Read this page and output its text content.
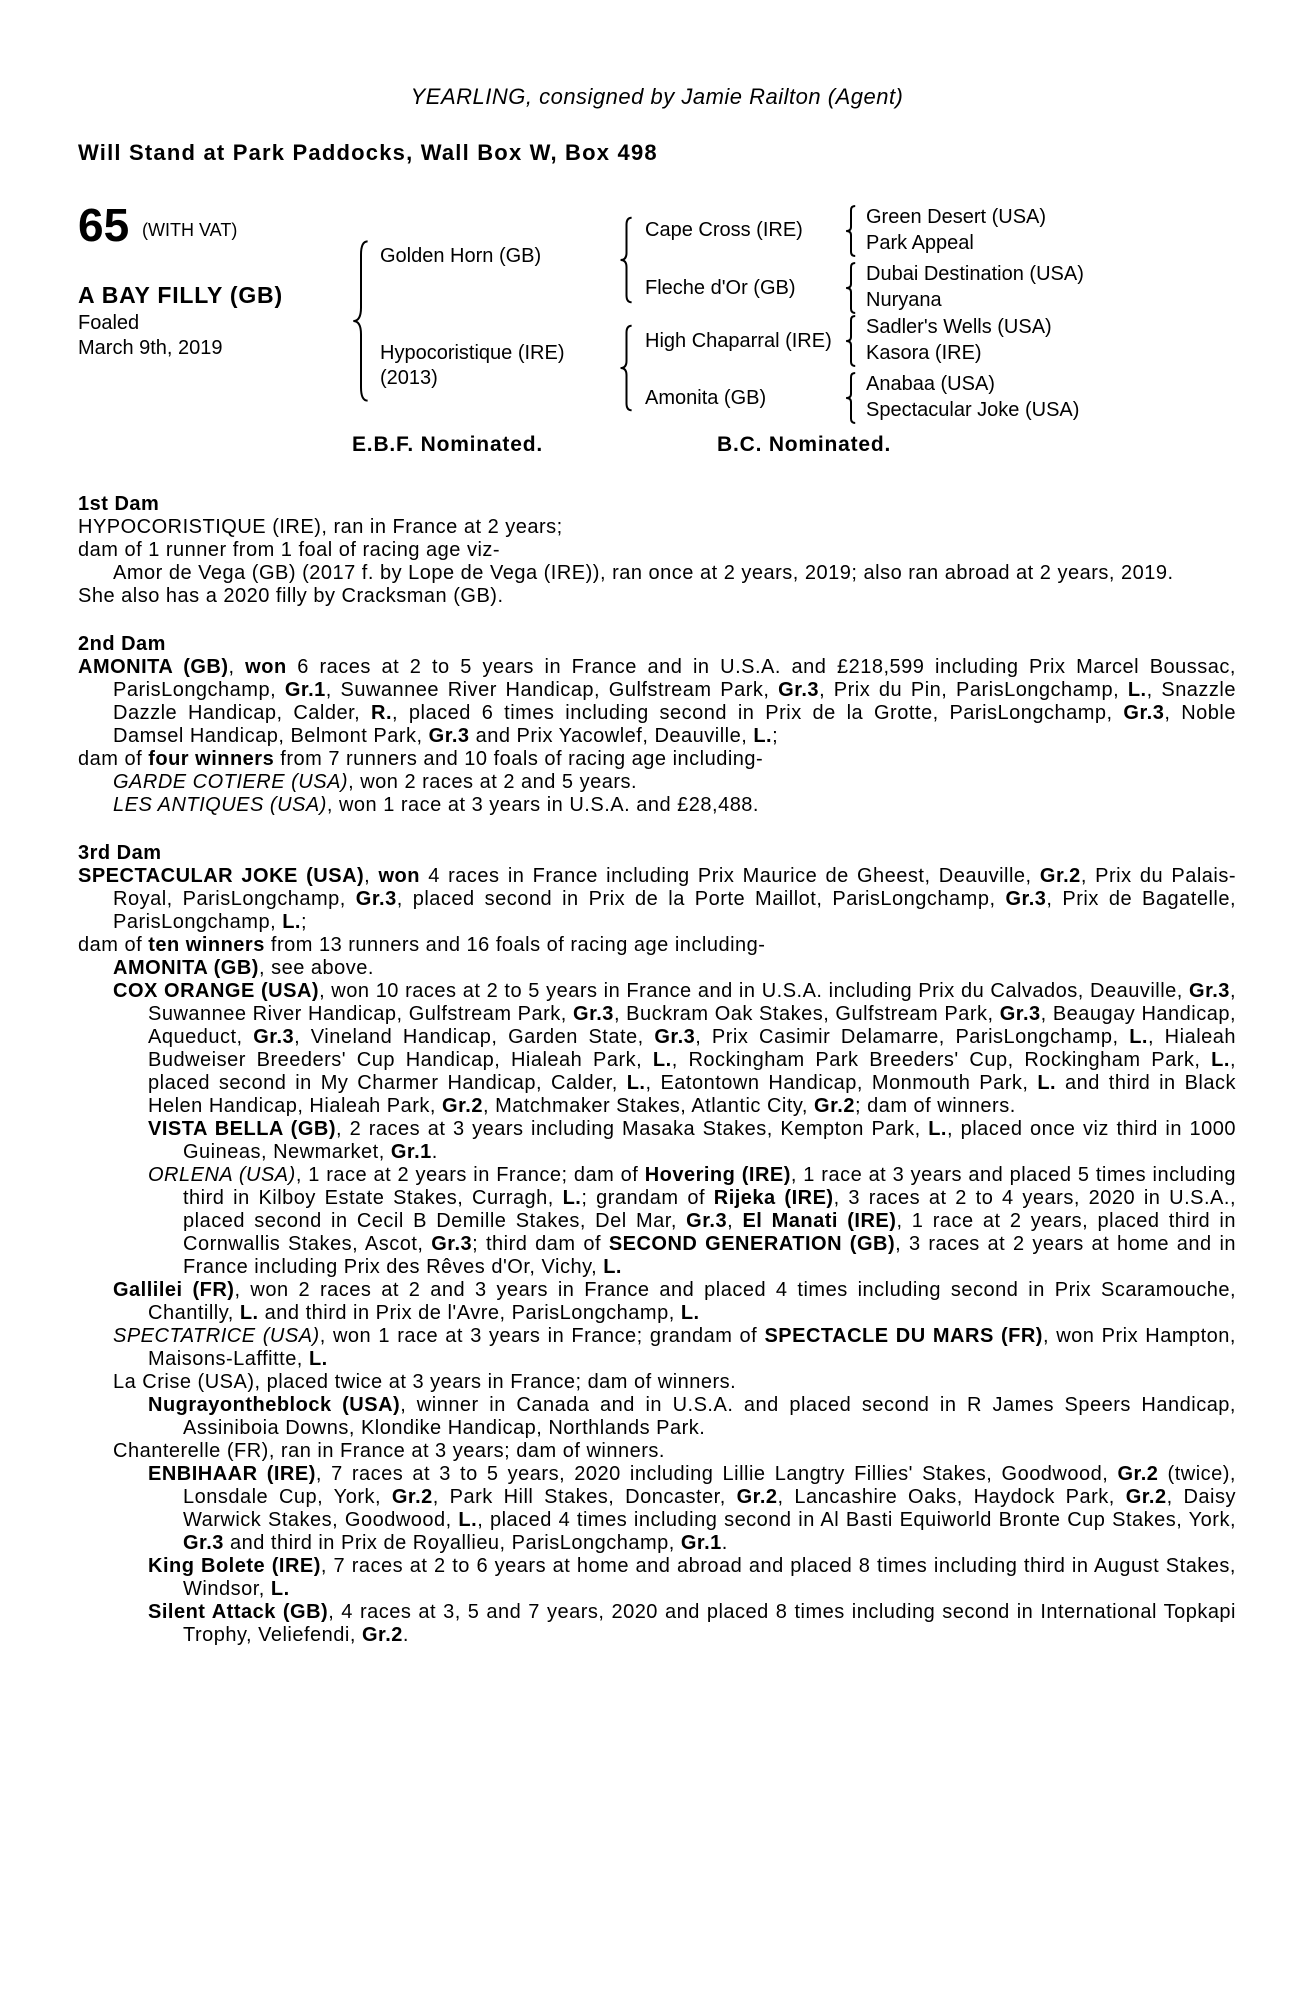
YEARLING, consigned by Jamie Railton (Agent)
Will Stand at Park Paddocks, Wall Box W, Box 498
65 (WITH VAT)
A BAY FILLY (GB)
Foaled
March 9th, 2019
Golden Horn (GB)
Hypocoristique (IRE)
(2013)
Cape Cross (IRE)
Fleche d'Or (GB)
High Chaparral (IRE)
Amonita (GB)
Green Desert (USA)
Park Appeal
Dubai Destination (USA)
Nuryana
Sadler's Wells (USA)
Kasora (IRE)
Anabaa (USA)
Spectacular Joke (USA)
E.B.F. Nominated.	B.C. Nominated.
1st Dam

HYPOCORISTIQUE (IRE), ran in France at 2 years;

dam of 1 runner from 1 foal of racing age viz-

Amor de Vega (GB) (2017 f. by Lope de Vega (IRE)), ran once at 2 years, 2019; also ran abroad at 2 years, 2019.

She also has a 2020 filly by Cracksman (GB).

2nd Dam

AMONITA (GB), won 6 races at 2 to 5 years in France and in U.S.A. and £218,599 including Prix Marcel Boussac, ParisLongchamp, Gr.1, Suwannee River Handicap, Gulfstream Park, Gr.3, Prix du Pin, ParisLongchamp, L., Snazzle Dazzle Handicap, Calder, R., placed 6 times including second in Prix de la Grotte, ParisLongchamp, Gr.3, Noble Damsel Handicap, Belmont Park, Gr.3 and Prix Yacowlef, Deauville, L.;

dam of four winners from 7 runners and 10 foals of racing age including-

GARDE COTIERE (USA), won 2 races at 2 and 5 years.

LES ANTIQUES (USA), won 1 race at 3 years in U.S.A. and £28,488.

3rd Dam

SPECTACULAR JOKE (USA), won 4 races in France including Prix Maurice de Gheest, Deauville, Gr.2, Prix du Palais-Royal, ParisLongchamp, Gr.3, placed second in Prix de la Porte Maillot, ParisLongchamp, Gr.3, Prix de Bagatelle, ParisLongchamp, L.;

dam of ten winners from 13 runners and 16 foals of racing age including-

AMONITA (GB), see above.

COX ORANGE (USA), won 10 races at 2 to 5 years in France and in U.S.A. including Prix du Calvados, Deauville, Gr.3, Suwannee River Handicap, Gulfstream Park, Gr.3, Buckram Oak Stakes, Gulfstream Park, Gr.3, Beaugay Handicap, Aqueduct, Gr.3, Vineland Handicap, Garden State, Gr.3, Prix Casimir Delamarre, ParisLongchamp, L., Hialeah Budweiser Breeders' Cup Handicap, Hialeah Park, L., Rockingham Park Breeders' Cup, Rockingham Park, L., placed second in My Charmer Handicap, Calder, L., Eatontown Handicap, Monmouth Park, L. and third in Black Helen Handicap, Hialeah Park, Gr.2, Matchmaker Stakes, Atlantic City, Gr.2; dam of winners.

VISTA BELLA (GB), 2 races at 3 years including Masaka Stakes, Kempton Park, L., placed once viz third in 1000 Guineas, Newmarket, Gr.1.

ORLENA (USA), 1 race at 2 years in France; dam of Hovering (IRE), 1 race at 3 years and placed 5 times including third in Kilboy Estate Stakes, Curragh, L.; grandam of Rijeka (IRE), 3 races at 2 to 4 years, 2020 in U.S.A., placed second in Cecil B Demille Stakes, Del Mar, Gr.3, El Manati (IRE), 1 race at 2 years, placed third in Cornwallis Stakes, Ascot, Gr.3; third dam of SECOND GENERATION (GB), 3 races at 2 years at home and in France including Prix des Rêves d'Or, Vichy, L.

Gallilei (FR), won 2 races at 2 and 3 years in France and placed 4 times including second in Prix Scaramouche, Chantilly, L. and third in Prix de l'Avre, ParisLongchamp, L.

SPECTATRICE (USA), won 1 race at 3 years in France; grandam of SPECTACLE DU MARS (FR), won Prix Hampton, Maisons-Laffitte, L.

La Crise (USA), placed twice at 3 years in France; dam of winners.

Nugrayontheblock (USA), winner in Canada and in U.S.A. and placed second in R James Speers Handicap, Assiniboia Downs, Klondike Handicap, Northlands Park.

Chanterelle (FR), ran in France at 3 years; dam of winners.

ENBIHAAR (IRE), 7 races at 3 to 5 years, 2020 including Lillie Langtry Fillies' Stakes, Goodwood, Gr.2 (twice), Lonsdale Cup, York, Gr.2, Park Hill Stakes, Doncaster, Gr.2, Lancashire Oaks, Haydock Park, Gr.2, Daisy Warwick Stakes, Goodwood, L., placed 4 times including second in Al Basti Equiworld Bronte Cup Stakes, York, Gr.3 and third in Prix de Royallieu, ParisLongchamp, Gr.1.

King Bolete (IRE), 7 races at 2 to 6 years at home and abroad and placed 8 times including third in August Stakes, Windsor, L.

Silent Attack (GB), 4 races at 3, 5 and 7 years, 2020 and placed 8 times including second in International Topkapi Trophy, Veliefendi, Gr.2.
